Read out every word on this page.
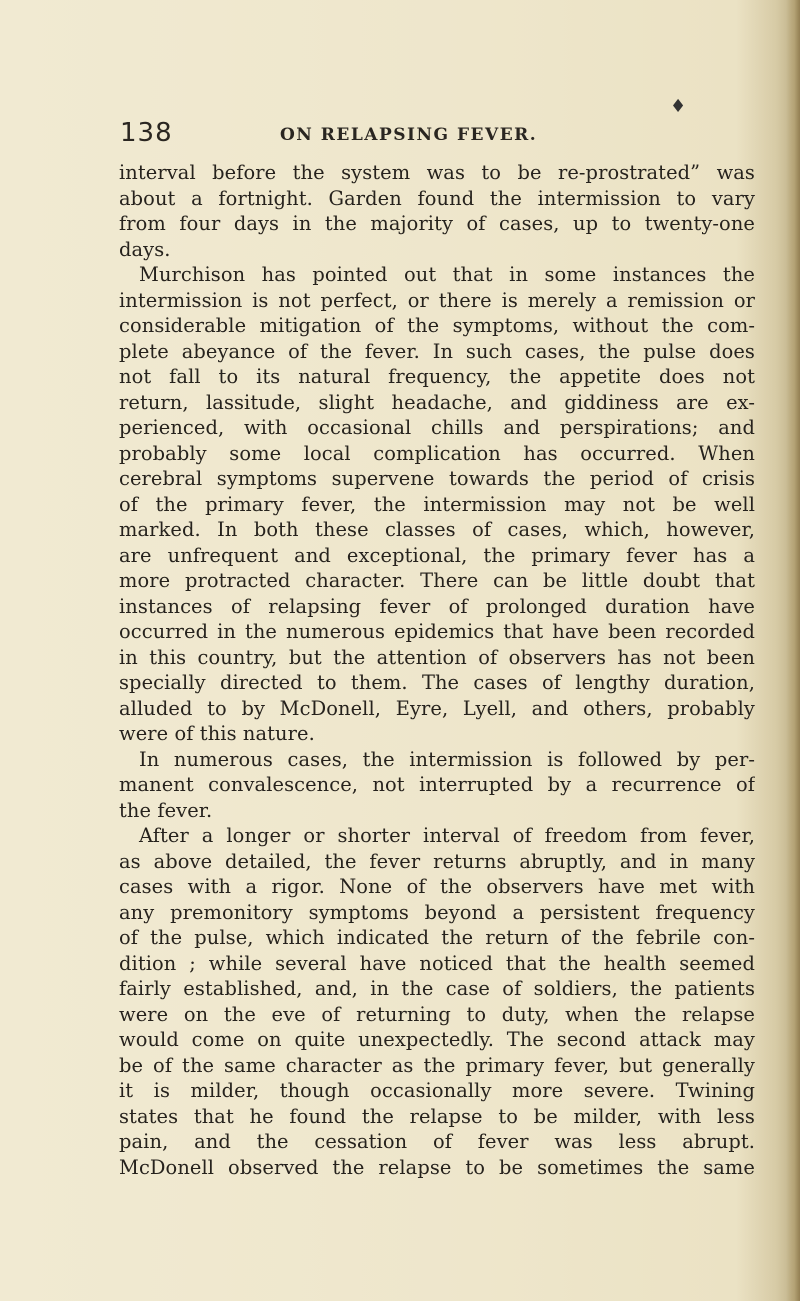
♦
138	ON RELAPSING FEVER.
interval before the system was to be re-prostrated” was
about a fortnight. Garden found the intermission to vary
from four days in the majority of cases, up to twenty-one
days.
Murchison has pointed out that in some instances the
intermission is not perfect, or there is merely a remission or
considerable mitigation of the symptoms, without the com-
plete abeyance of the fever. In such cases, the pulse does
not fall to its natural frequency, the appetite does not
return, lassitude, slight headache, and giddiness are ex-
perienced, with occasional chills and perspirations; and
probably some local complication has occurred. When
cerebral symptoms supervene towards the period of crisis
of the primary fever, the intermission may not be well
marked. In both these classes of cases, which, however,
are unfrequent and exceptional, the primary fever has a
more protracted character. There can be little doubt that
instances of relapsing fever of prolonged duration have
occurred in the numerous epidemics that have been recorded
in this country, but the attention of observers has not been
specially directed to them. The cases of lengthy duration,
alluded to by McDonell, Eyre, Lyell, and others, probably
were of this nature.
In numerous cases, the intermission is followed by per-
manent convalescence, not interrupted by a recurrence of
the fever.
After a longer or shorter interval of freedom from fever,
as above detailed, the fever returns abruptly, and in many
cases with a rigor. None of the observers have met with
any premonitory symptoms beyond a persistent frequency
of the pulse, which indicated the return of the febrile con-
dition ; while several have noticed that the health seemed
fairly established, and, in the case of soldiers, the patients
were on the eve of returning to duty, when the relapse
would come on quite unexpectedly. The second attack may
be of the same character as the primary fever, but generally
it is milder, though occasionally more severe. Twining
states that he found the relapse to be milder, with less
pain, and the cessation of fever was less abrupt.
McDonell observed the relapse to be sometimes the same
